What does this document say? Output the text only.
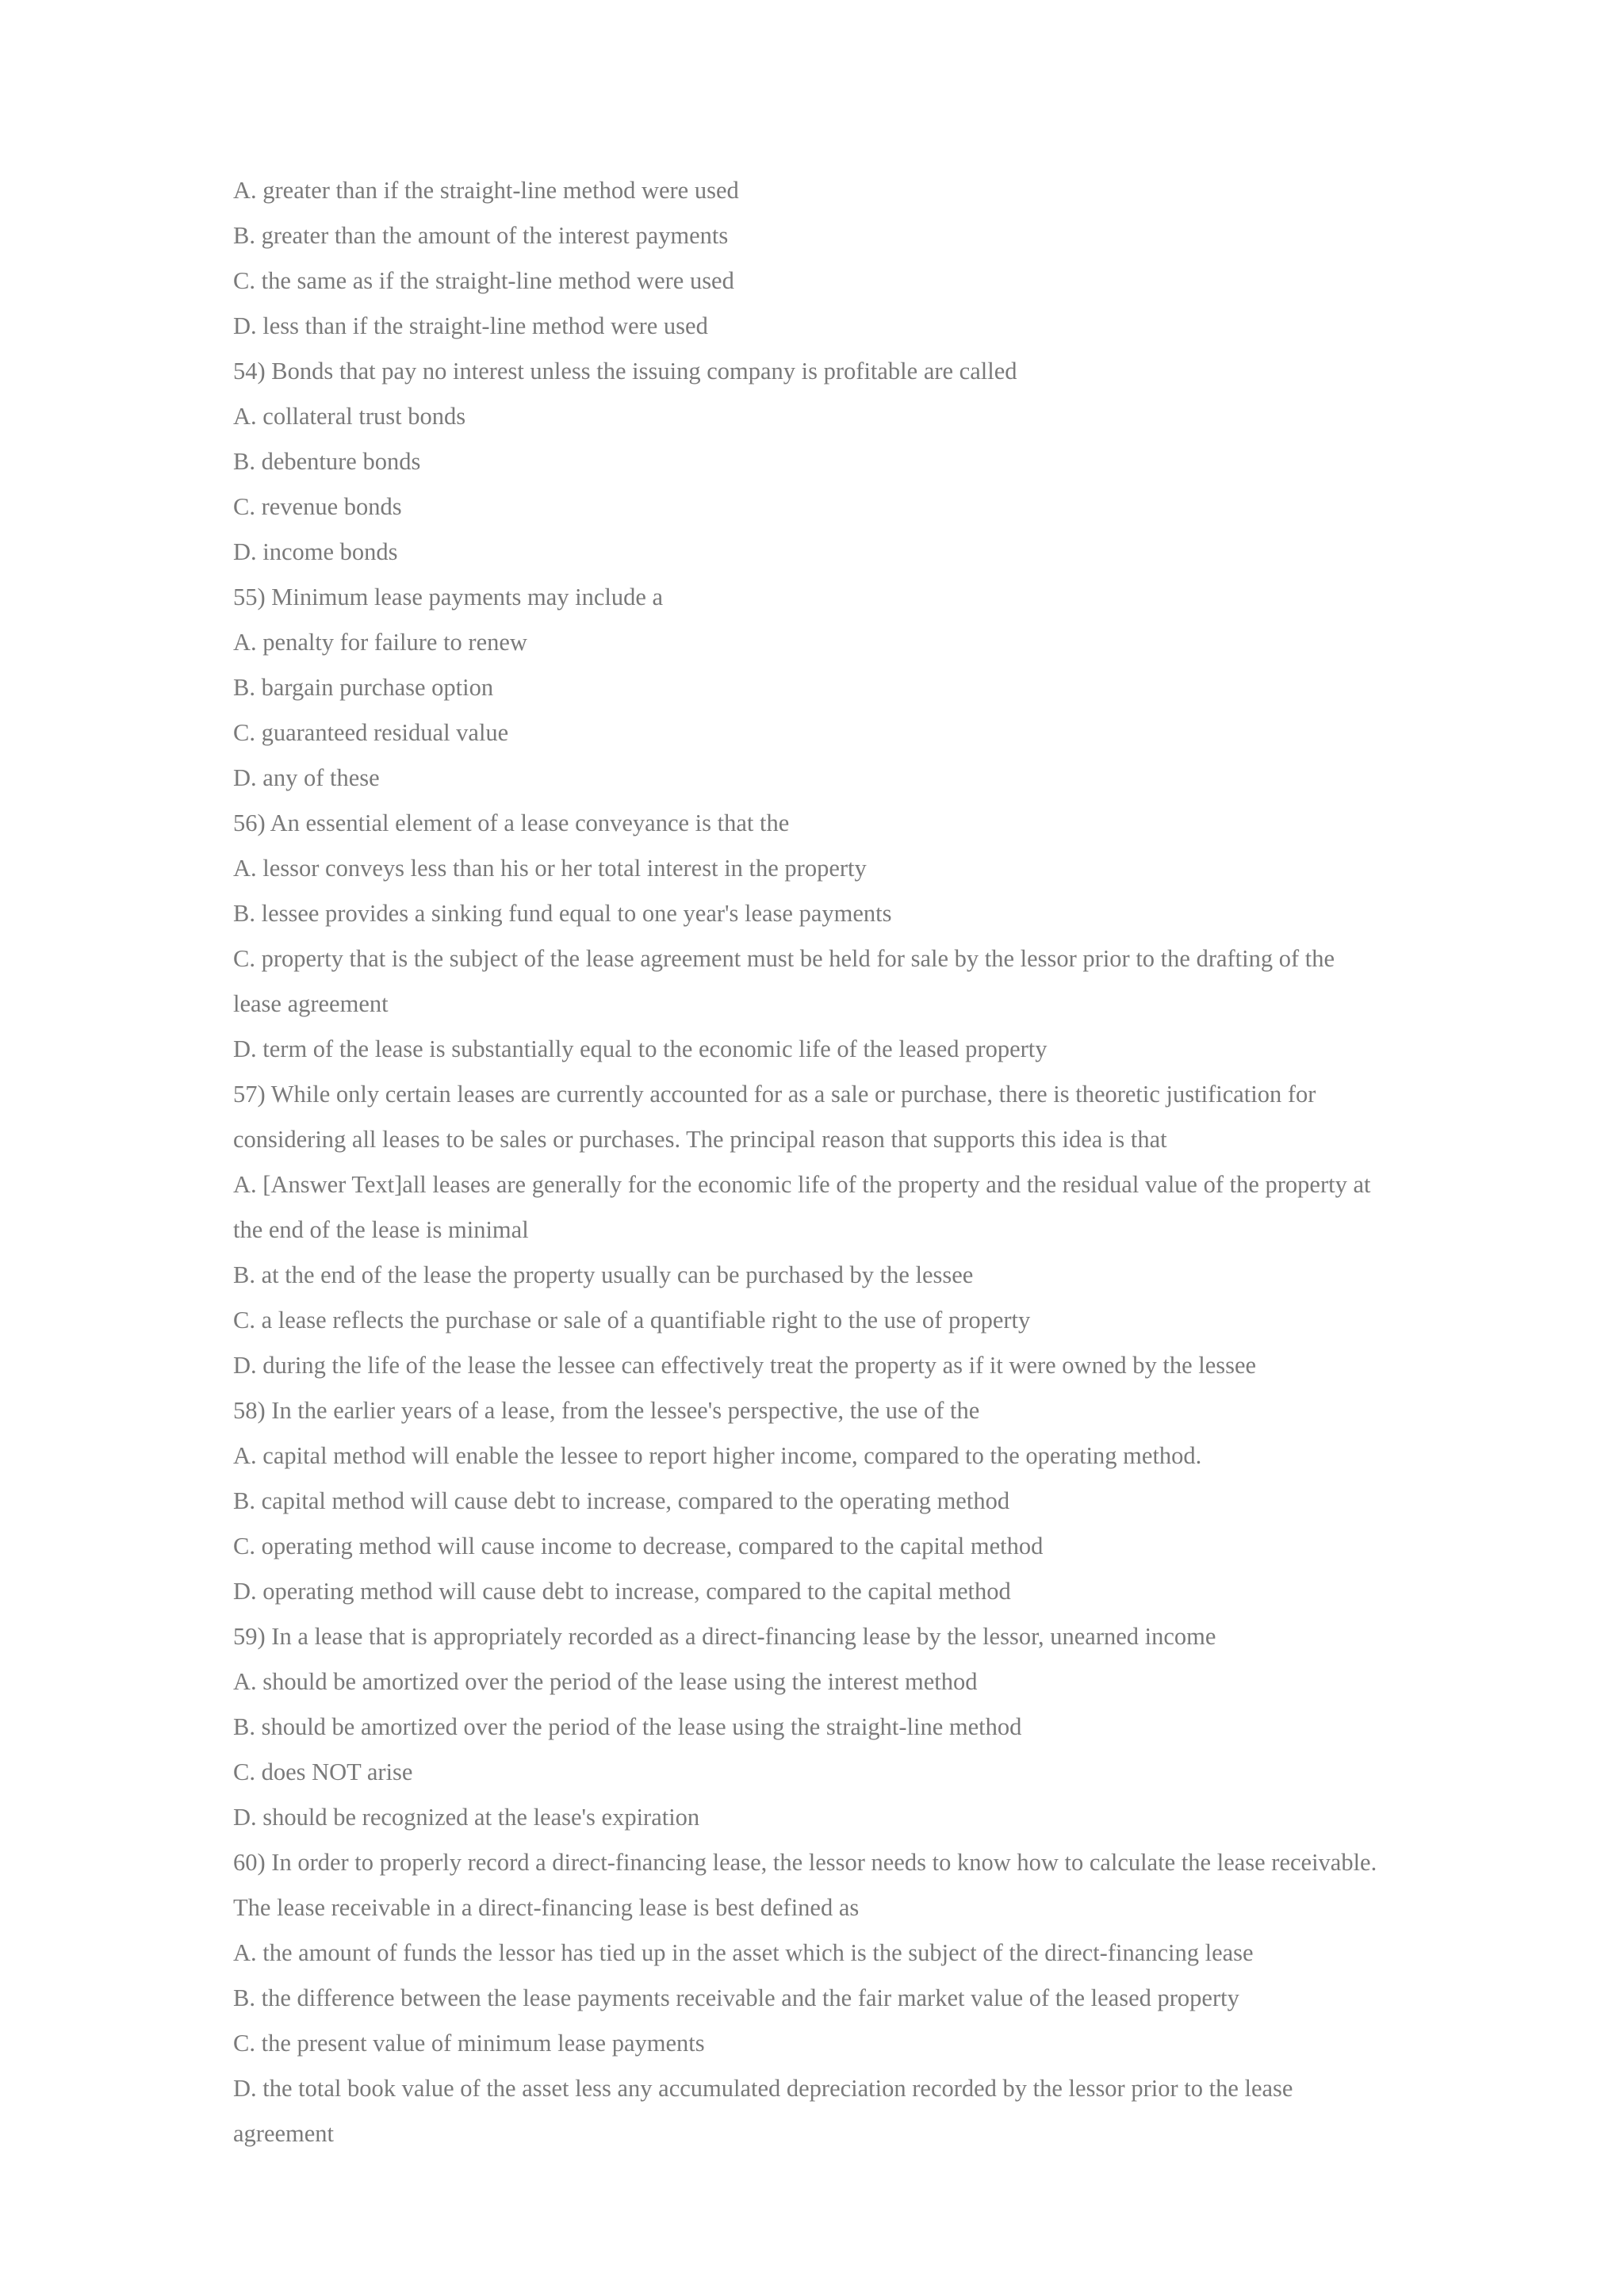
A. greater than if the straight-line method were used

B. greater than the amount of the interest payments

C. the same as if the straight-line method were used

D. less than if the straight-line method were used

54) Bonds that pay no interest unless the issuing company is profitable are called

A. collateral trust bonds

B. debenture bonds

C. revenue bonds

D. income bonds

55) Minimum lease payments may include a

A. penalty for failure to renew

B. bargain purchase option

C. guaranteed residual value

D. any of these

56) An essential element of a lease conveyance is that the

A. lessor conveys less than his or her total interest in the property

B. lessee provides a sinking fund equal to one year's lease payments

C. property that is the subject of the lease agreement must be held for sale by the lessor prior to the drafting of the

lease agreement

D. term of the lease is substantially equal to the economic life of the leased property

57) While only certain leases are currently accounted for as a sale or purchase, there is theoretic justification for

considering all leases to be sales or purchases. The principal reason that supports this idea is that

A. [Answer Text]all leases are generally for the economic life of the property and the residual value of the property at

the end of the lease is minimal

B. at the end of the lease the property usually can be purchased by the lessee

C. a lease reflects the purchase or sale of a quantifiable right to the use of property

D. during the life of the lease the lessee can effectively treat the property as if it were owned by the lessee

58) In the earlier years of a lease, from the lessee's perspective, the use of the

A. capital method will enable the lessee to report higher income, compared to the operating method.

B. capital method will cause debt to increase, compared to the operating method

C. operating method will cause income to decrease, compared to the capital method

D. operating method will cause debt to increase, compared to the capital method

59) In a lease that is appropriately recorded as a direct-financing lease by the lessor, unearned income

A. should be amortized over the period of the lease using the interest method

B. should be amortized over the period of the lease using the straight-line method

C. does NOT arise

D. should be recognized at the lease's expiration

60) In order to properly record a direct-financing lease, the lessor needs to know how to calculate the lease receivable.

The lease receivable in a direct-financing lease is best defined as

A. the amount of funds the lessor has tied up in the asset which is the subject of the direct-financing lease

B. the difference between the lease payments receivable and the fair market value of the leased property

C. the present value of minimum lease payments

D. the total book value of the asset less any accumulated depreciation recorded by the lessor prior to the lease

agreement
